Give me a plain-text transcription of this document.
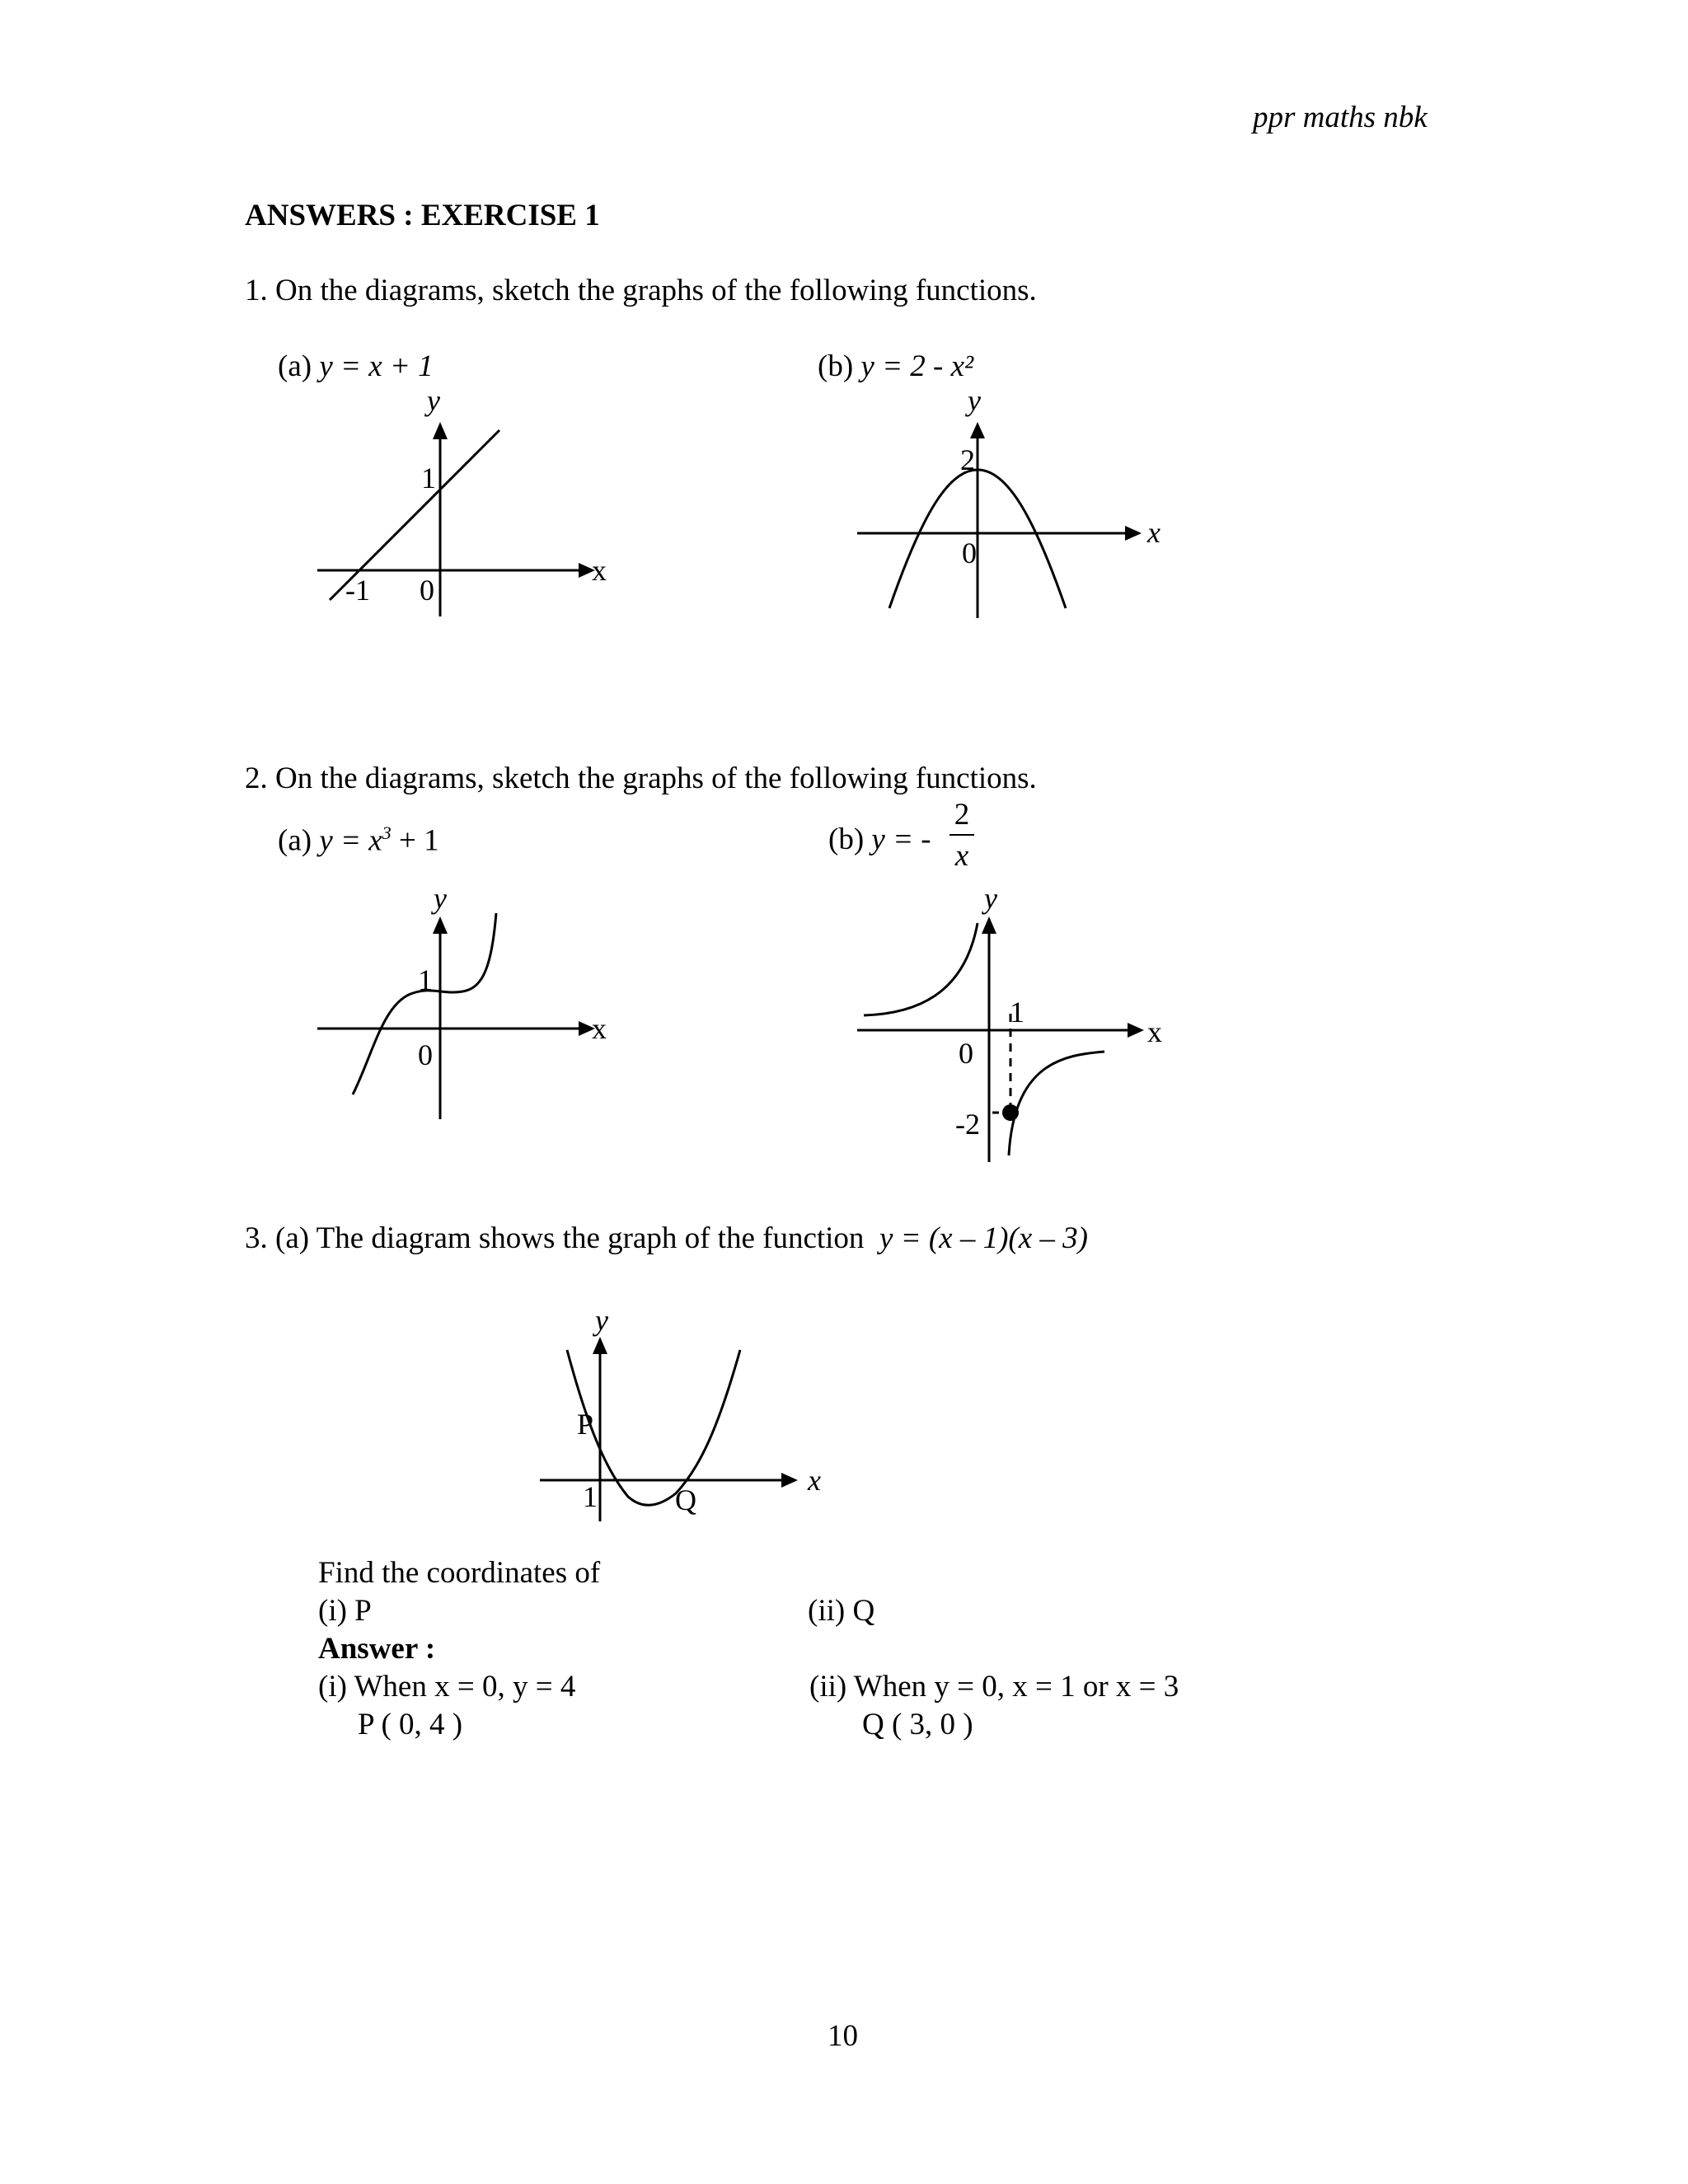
ppr maths nbk
ANSWERS : EXERCISE 1
1. On the diagrams, sketch the graphs of the following functions.
(a) y = x + 1	(b) y = 2 - x²
y
x
1
-1 0
y
x
2
0
2. On the diagrams, sketch the graphs of the following functions.
(a) $y = x^3 + 1$	(b) y = -
2
x
y
x
1
0
y
x
1
0
-2
3. (a) The diagram shows the graph of the function  y = (x – 1)(x – 3)
y
x
P
1	Q
Find the coordinates of
(i) P	(ii) Q
Answer :
(i) When x = 0, y = 4
P ( 0, 4 )
(ii) When y = 0, x = 1 or x = 3
Q ( 3, 0 )
10
